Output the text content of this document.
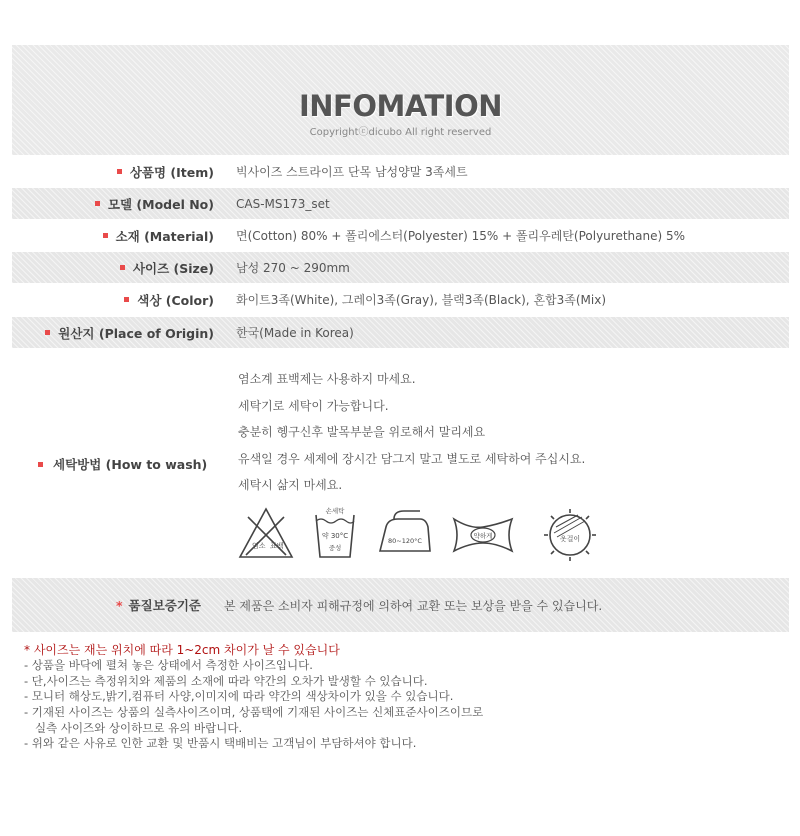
INFOMATION
Copyrightⓒdicubo All right reserved
상품명 (Item) 빅사이즈 스트라이프 단목 남성양말 3족세트
모델 (Model No) CAS-MS173_set
소재 (Material) 면(Cotton) 80% + 폴리에스터(Polyester) 15% + 폴리우레탄(Polyurethane) 5%
사이즈 (Size) 남성 270 ~ 290mm
색상 (Color) 화이트3족(White), 그레이3족(Gray), 블랙3족(Black), 혼합3족(Mix)
원산지 (Place of Origin) 한국(Made in Korea)
세탁방법 (How to wash)
염소계 표백제는 사용하지 마세요.
세탁기로 세탁이 가능합니다.
충분히 헹구신후 발목부분을 위로해서 말리세요
유색일 경우 세제에 장시간 담그지 말고 별도로 세탁하여 주십시요.
세탁시 삶지 마세요.
염소 표백
손세탁
약 30°C
중성
80~120°C
약하게	옷걸이
* 품질보증기준 본 제품은 소비자 피해규정에 의하여 교환 또는 보상을 받을 수 있습니다.
* 사이즈는 재는 위치에 따라 1~2cm 차이가 날 수 있습니다
- 상품을 바닥에 펼쳐 놓은 상태에서 측정한 사이즈입니다.
- 단,사이즈는 측정위치와 제품의 소재에 따라 약간의 오차가 발생할 수 있습니다.
- 모니터 해상도,밝기,컴퓨터 사양,이미지에 따라 약간의 색상차이가 있을 수 있습니다.
- 기재된 사이즈는 상품의 실측사이즈이며, 상품택에 기재된 사이즈는 신체표준사이즈이므로
실측 사이즈와 상이하므로 유의 바랍니다.
- 위와 같은 사유로 인한 교환 및 반품시 택배비는 고객님이 부담하셔야 합니다.
